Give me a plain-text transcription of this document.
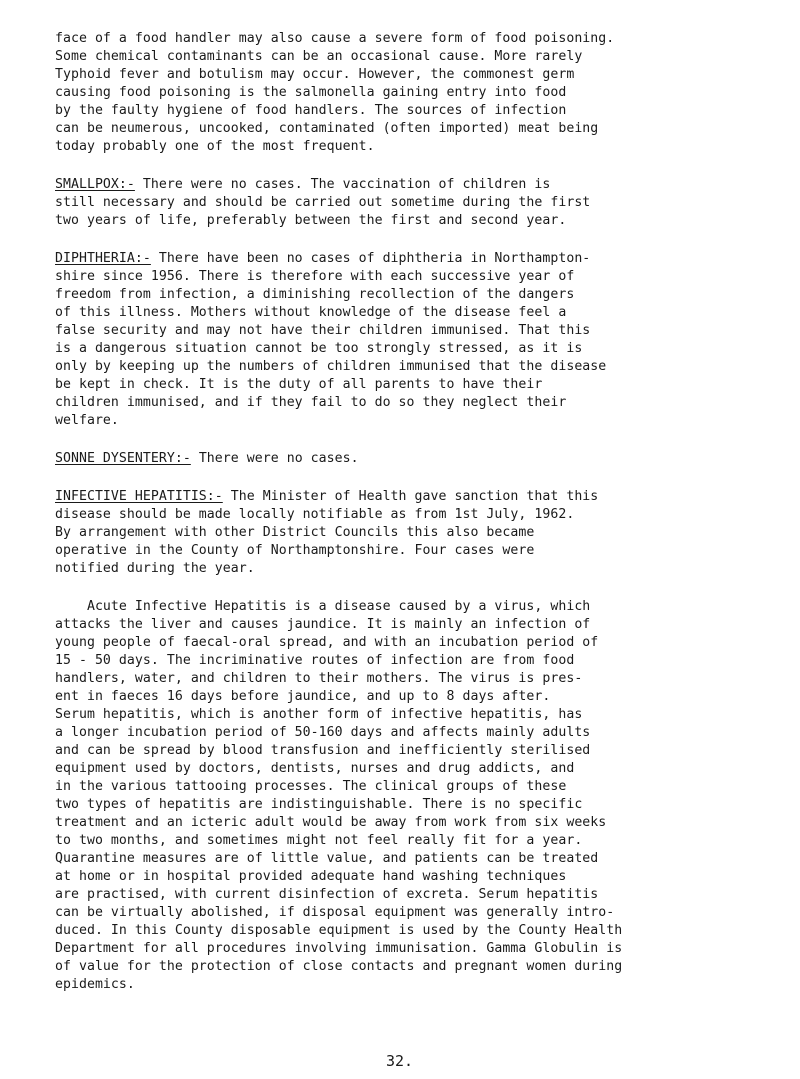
face of a food handler may also cause a severe form of food poisoning.
Some chemical contaminants can be an occasional cause. More rarely
Typhoid fever and botulism may occur. However, the commonest germ
causing food poisoning is the salmonella gaining entry into food
by the faulty hygiene of food handlers. The sources of infection
can be neumerous, uncooked, contaminated (often imported) meat being
today probably one of the most frequent.
SMALLPOX:- There were no cases. The vaccination of children is
still necessary and should be carried out sometime during the first
two years of life, preferably between the first and second year.
DIPHTHERIA:- There have been no cases of diphtheria in Northampton-
shire since 1956. There is therefore with each successive year of
freedom from infection, a diminishing recollection of the dangers
of this illness. Mothers without knowledge of the disease feel a
false security and may not have their children immunised. That this
is a dangerous situation cannot be too strongly stressed, as it is
only by keeping up the numbers of children immunised that the disease
be kept in check. It is the duty of all parents to have their
children immunised, and if they fail to do so they neglect their
welfare.
SONNE DYSENTERY:- There were no cases.
INFECTIVE HEPATITIS:- The Minister of Health gave sanction that this
disease should be made locally notifiable as from 1st July, 1962.
By arrangement with other District Councils this also became
operative in the County of Northamptonshire. Four cases were
notified during the year.
Acute Infective Hepatitis is a disease caused by a virus, which
attacks the liver and causes jaundice. It is mainly an infection of
young people of faecal-oral spread, and with an incubation period of
15 - 50 days. The incriminative routes of infection are from food
handlers, water, and children to their mothers. The virus is pres-
ent in faeces 16 days before jaundice, and up to 8 days after.
Serum hepatitis, which is another form of infective hepatitis, has
a longer incubation period of 50-160 days and affects mainly adults
and can be spread by blood transfusion and inefficiently sterilised
equipment used by doctors, dentists, nurses and drug addicts, and
in the various tattooing processes. The clinical groups of these
two types of hepatitis are indistinguishable. There is no specific
treatment and an icteric adult would be away from work from six weeks
to two months, and sometimes might not feel really fit for a year.
Quarantine measures are of little value, and patients can be treated
at home or in hospital provided adequate hand washing techniques
are practised, with current disinfection of excreta. Serum hepatitis
can be virtually abolished, if disposal equipment was generally intro-
duced. In this County disposable equipment is used by the County Health
Department for all procedures involving immunisation. Gamma Globulin is
of value for the protection of close contacts and pregnant women during
epidemics.
32.
